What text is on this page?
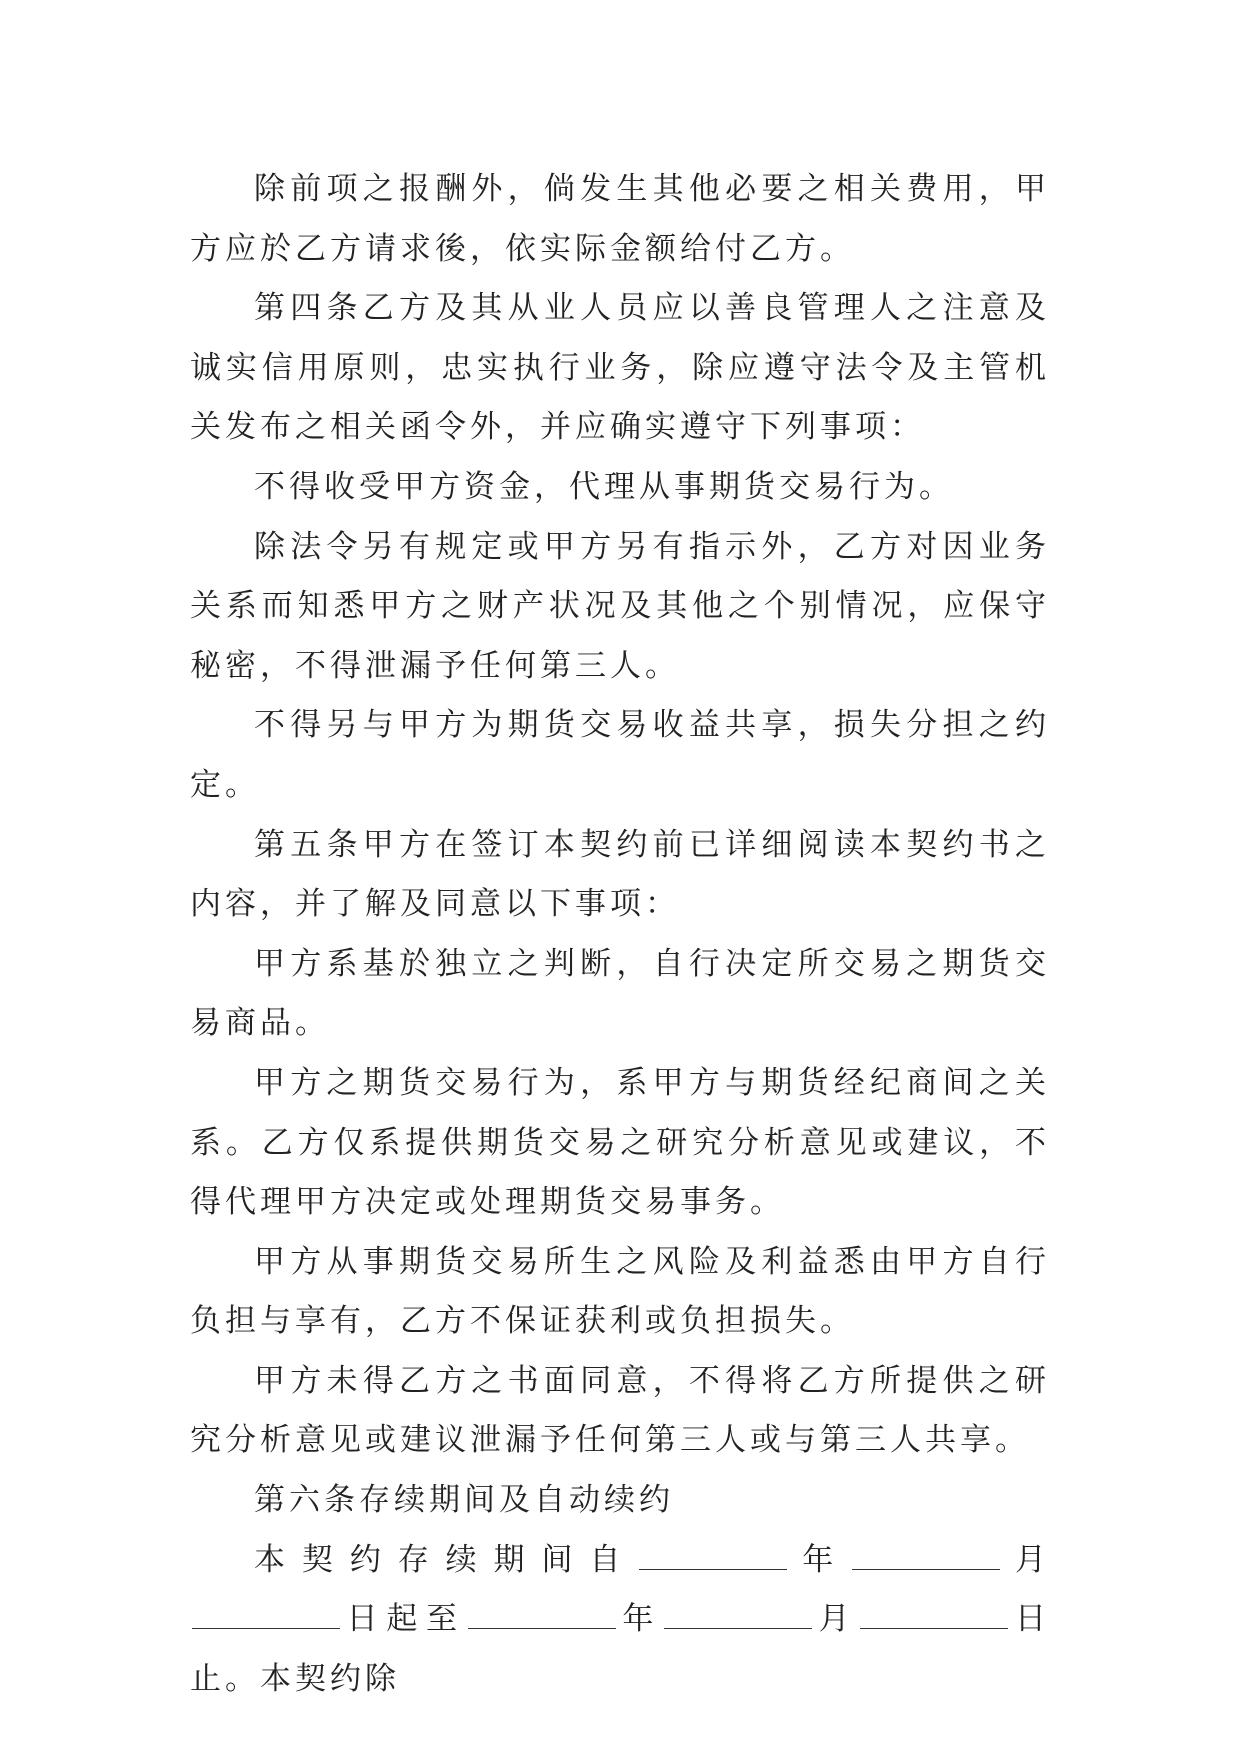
除前项之报酬外，倘发生其他必要之相关费用，甲方应於乙方请求後，依实际金额给付乙方。

第四条乙方及其从业人员应以善良管理人之注意及诚实信用原则，忠实执行业务，除应遵守法令及主管机关发布之相关函令外，并应确实遵守下列事项：

不得收受甲方资金，代理从事期货交易行为。

除法令另有规定或甲方另有指示外，乙方对因业务关系而知悉甲方之财产状况及其他之个别情况，应保守秘密，不得泄漏予任何第三人。

不得另与甲方为期货交易收益共享，损失分担之约定。

第五条甲方在签订本契约前已详细阅读本契约书之内容，并了解及同意以下事项：

甲方系基於独立之判断，自行决定所交易之期货交易商品。

甲方之期货交易行为，系甲方与期货经纪商间之关系。乙方仅系提供期货交易之研究分析意见或建议，不得代理甲方决定或处理期货交易事务。

甲方从事期货交易所生之风险及利益悉由甲方自行负担与享有，乙方不保证获利或负担损失。

甲方未得乙方之书面同意，不得将乙方所提供之研究分析意见或建议泄漏予任何第三人或与第三人共享。

第六条存续期间及自动续约

本契约存续期间自	年	月日起至	年	月	日止。本契约除
